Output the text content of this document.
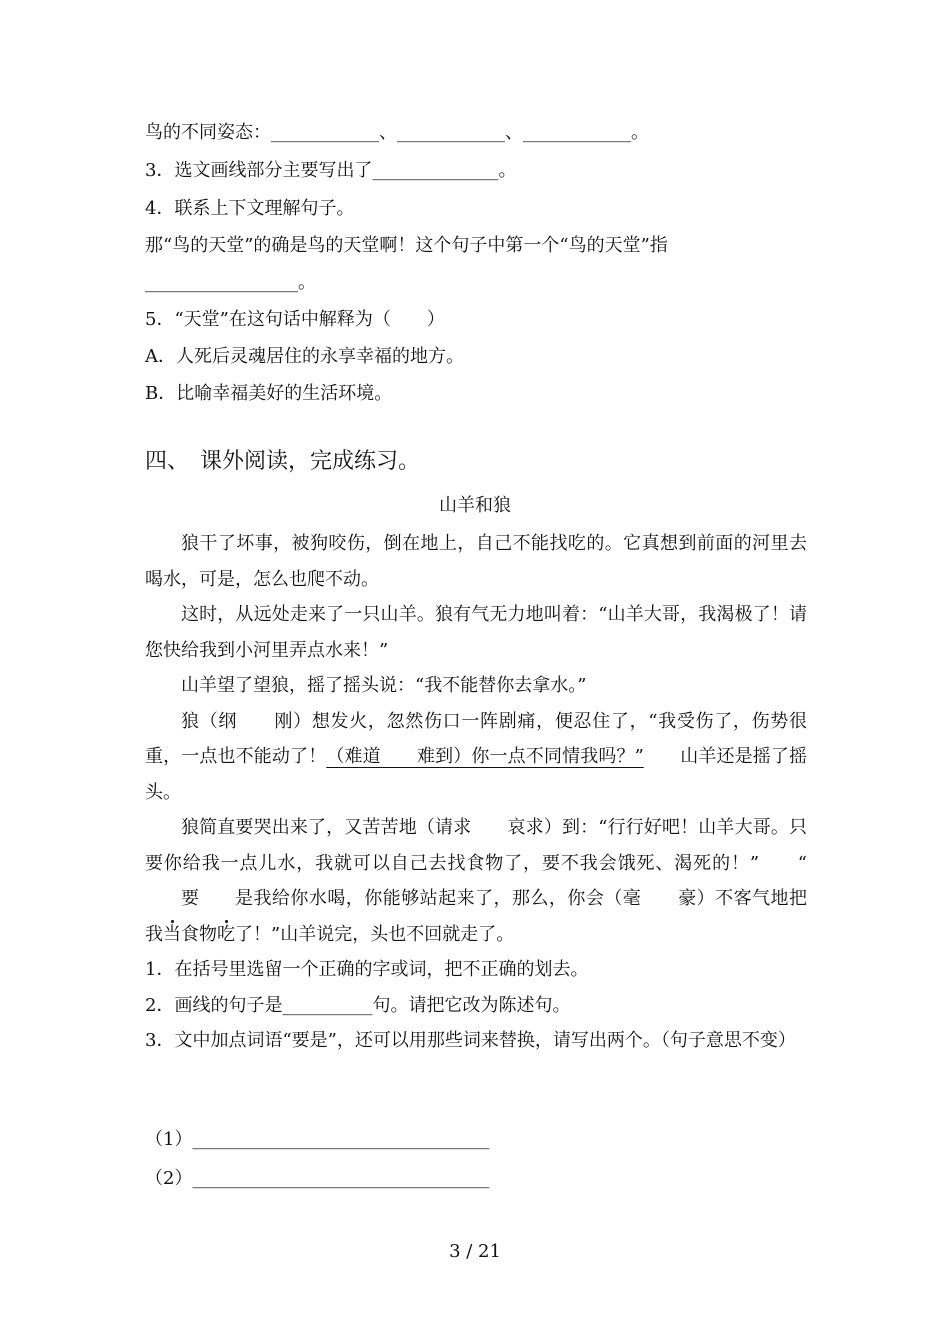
鸟的不同姿态：____________、____________、____________。
3．选文画线部分主要写出了______________。
4．联系上下文理解句子。
那“鸟的天堂”的确是鸟的天堂啊！这个句子中第一个“鸟的天堂”指
_________________。
5．“天堂”在这句话中解释为（　　）
A．人死后灵魂居住的永享幸福的地方。
B．比喻幸福美好的生活环境。
四、　课外阅读，完成练习。
山羊和狼

狼干了坏事，被狗咬伤，倒在地上，自己不能找吃的。它真想到前面的河里去喝水，可是，怎么也爬不动。

这时，从远处走来了一只山羊。狼有气无力地叫着：“山羊大哥，我渴极了！请您快给我到小河里弄点水来！”

山羊望了望狼，摇了摇头说：“我不能替你去拿水。”

狼（纲　　刚）想发火，忽然伤口一阵剧痛，便忍住了，“我受伤了，伤势很重，一点也不能动了！（难道　　难到）你一点不同情我吗？”　　山羊还是摇了摇头。

狼简直要哭出来了，又苦苦地（请求　　哀求）到：“行行好吧！山羊大哥。只要你给我一点儿水，我就可以自己去找食物了，要不我会饿死、渴死的！”　　“要 是
我给你水喝，你能够站起来了，那么，你会（毫　　豪）不客气地把我当食物吃了！”山羊说完，头也不回就走了。

1．在括号里选留一个正确的字或词，把不正确的划去。

2．画线的句子是__________句。请把它改为陈述句。

3．文中加点词语“要是”，还可以用那些词来替换，请写出两个。（句子意思不变）

（1）_________________________________
（2）_________________________________
3 / 21
